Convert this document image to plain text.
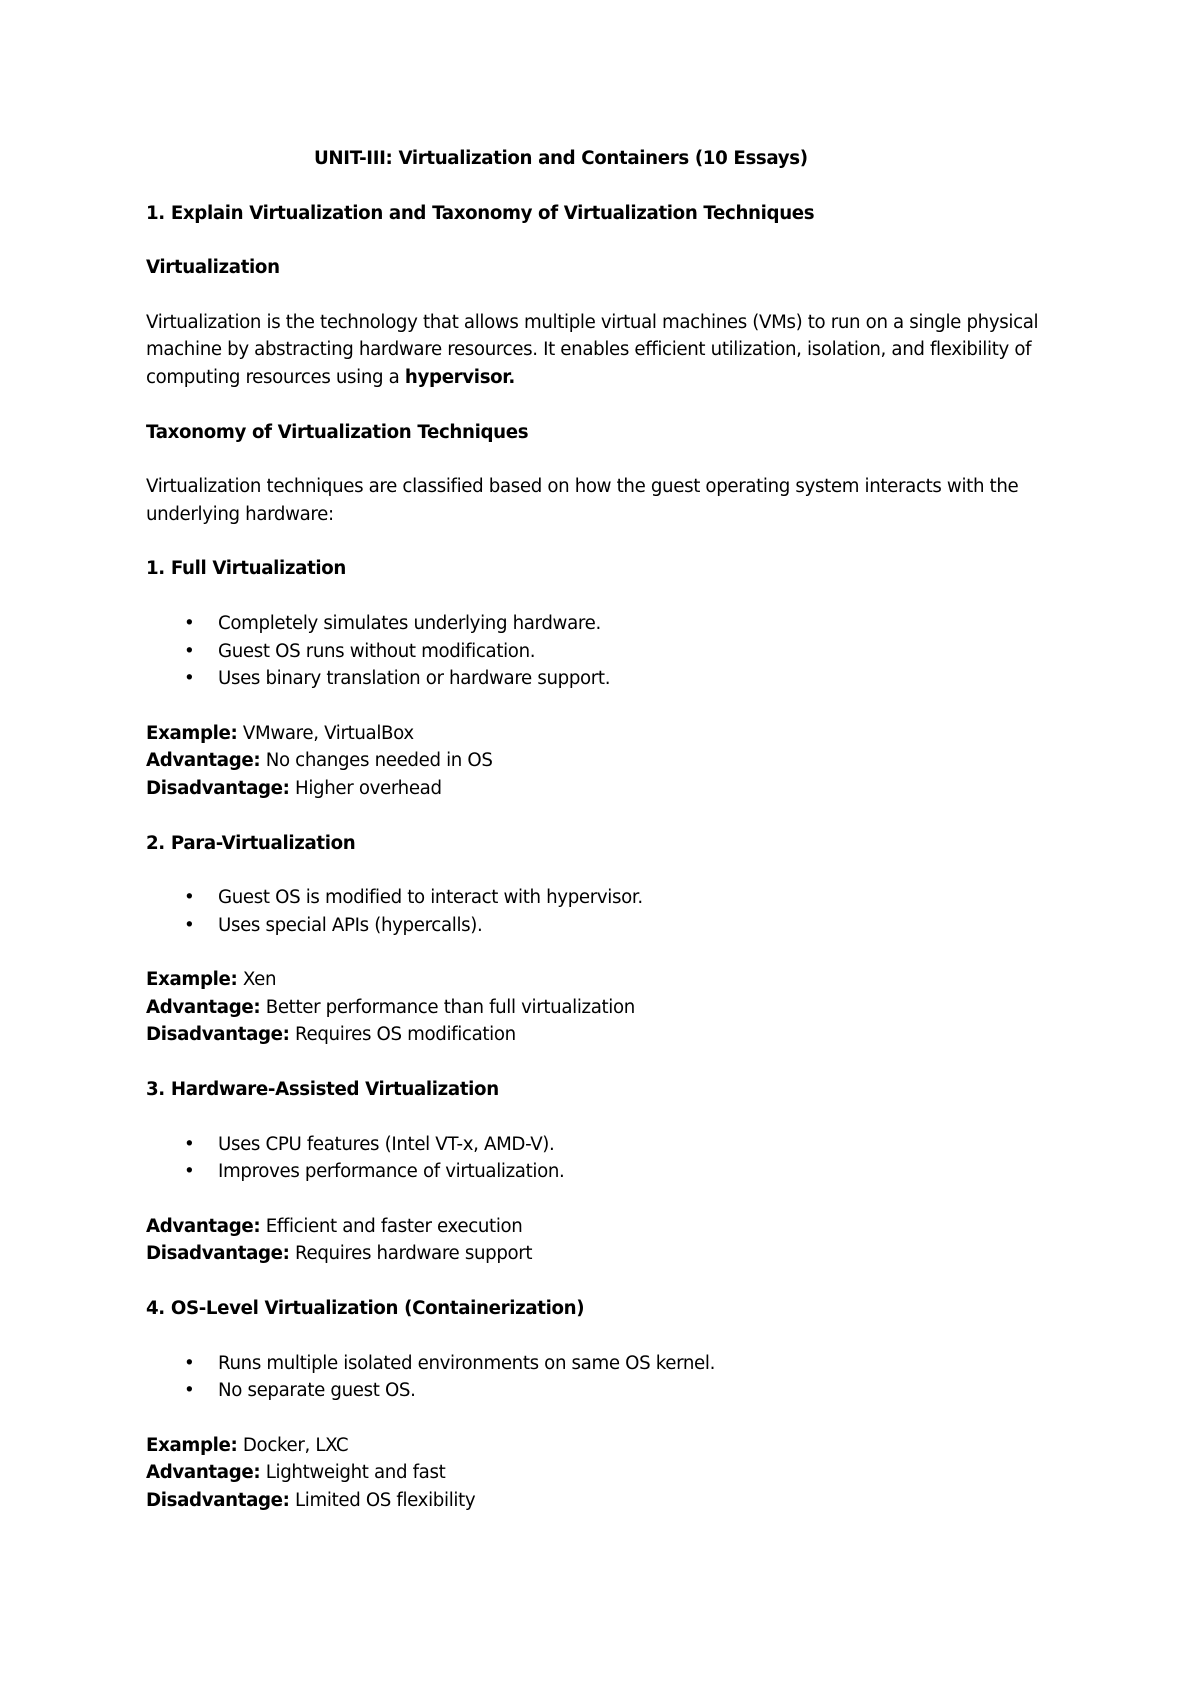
UNIT-III: Virtualization and Containers (10 Essays)
1. Explain Virtualization and Taxonomy of Virtualization Techniques
Virtualization

Virtualization is the technology that allows multiple virtual machines (VMs) to run on a single physical machine by abstracting hardware resources. It enables efficient utilization, isolation, and flexibility of computing resources using a hypervisor.

Taxonomy of Virtualization Techniques

Virtualization techniques are classified based on how the guest operating system interacts with the underlying hardware:

1. Full Virtualization
• Completely simulates underlying hardware.
• Guest OS runs without modification.
• Uses binary translation or hardware support.
Example: VMware, VirtualBox
Advantage: No changes needed in OS
Disadvantage: Higher overhead
2. Para-Virtualization
• Guest OS is modified to interact with hypervisor.
• Uses special APIs (hypercalls).
Example: Xen
Advantage: Better performance than full virtualization
Disadvantage: Requires OS modification
3. Hardware-Assisted Virtualization
• Uses CPU features (Intel VT-x, AMD-V).
• Improves performance of virtualization.
Advantage: Efficient and faster execution
Disadvantage: Requires hardware support
4. OS-Level Virtualization (Containerization)
• Runs multiple isolated environments on same OS kernel.
• No separate guest OS.
Example: Docker, LXC
Advantage: Lightweight and fast
Disadvantage: Limited OS flexibility
